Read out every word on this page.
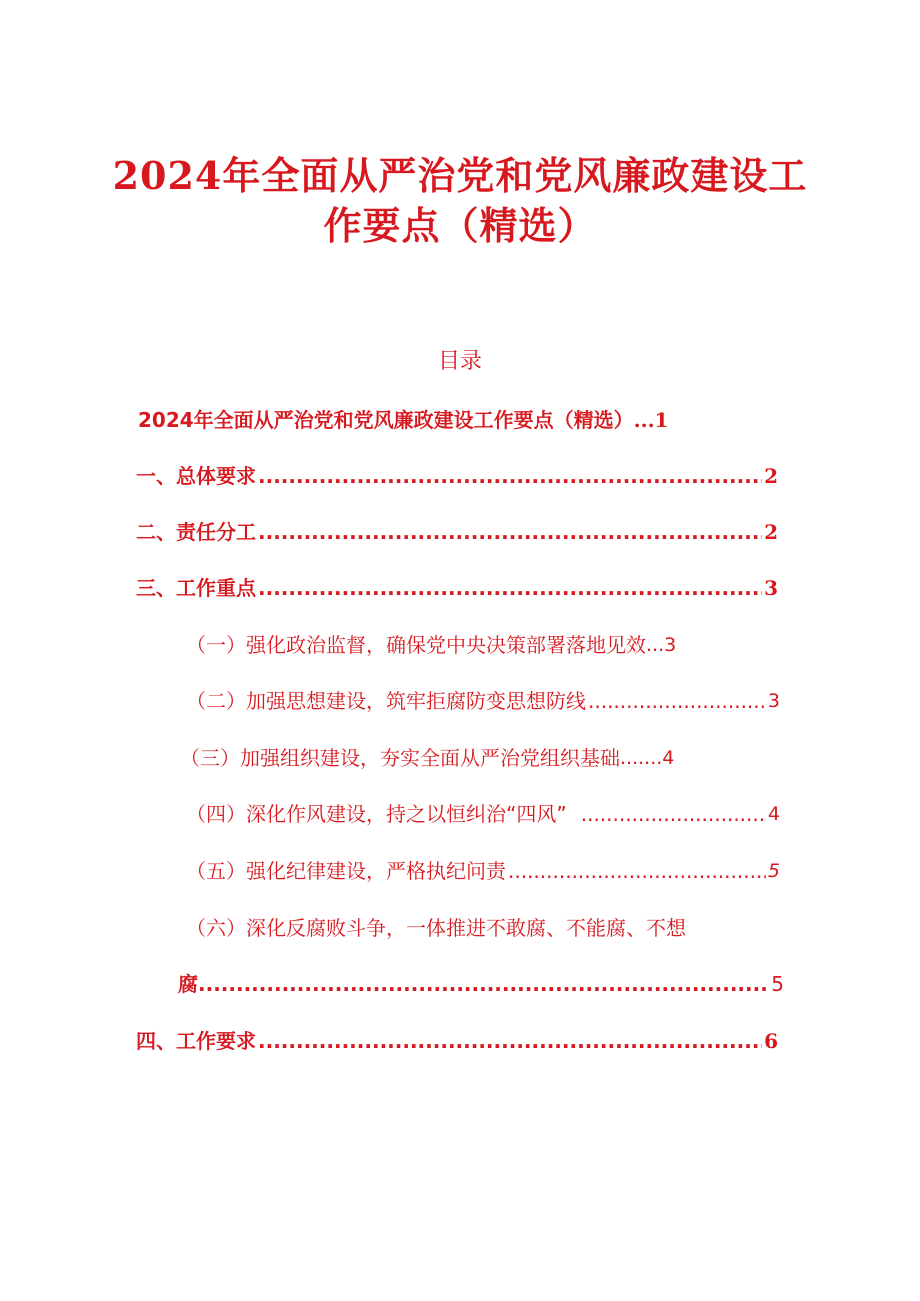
2024年全面从严治党和党风廉政建设工
作要点（精选）
目录
2024年全面从严治党和党风廉政建设工作要点（精选） ...1
一、总体要求 .....	2
二、责任分工 .....	2
三、工作重点 .....	3
（一）强化政治监督，确保党中央决策部署落地见效 ...3
（二）加强思想建设，筑牢拒腐防变思想防线 .....	3
（三）加强组织建设，夯实全面从严治党组织基础 .......4
（四）深化作风建设，持之以恒纠治“四风” .....	4
（五）强化纪律建设，严格执纪问责 .....	5
（六）深化反腐败斗争，一体推进不敢腐、不能腐、不想
腐 .....	5
四、工作要求 .....	6
